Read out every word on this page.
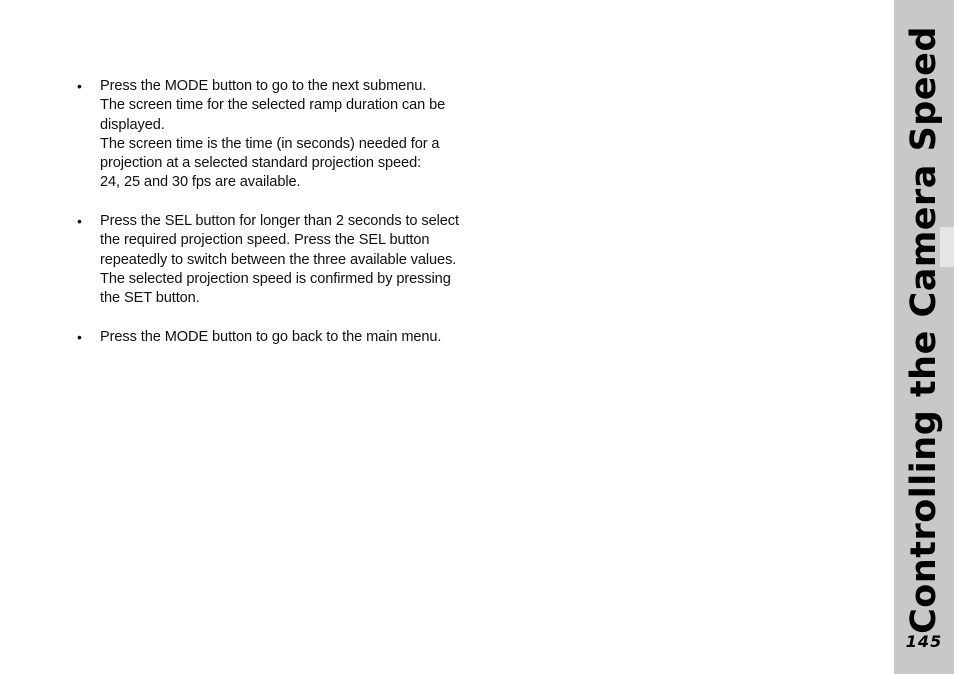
• Press the MODE button to go to the next submenu.
The screen time for the selected ramp duration can be
displayed.
The screen time is the time (in seconds) needed for a
projection at a selected standard projection speed:
24, 25 and 30 fps are available.
• Press the SEL button for longer than 2 seconds to select
the required projection speed. Press the SEL button
repeatedly to switch between the three available values.
The selected projection speed is confirmed by pressing
the SET button.
• Press the MODE button to go back to the main menu.	Controlling the Camera Speed
145
